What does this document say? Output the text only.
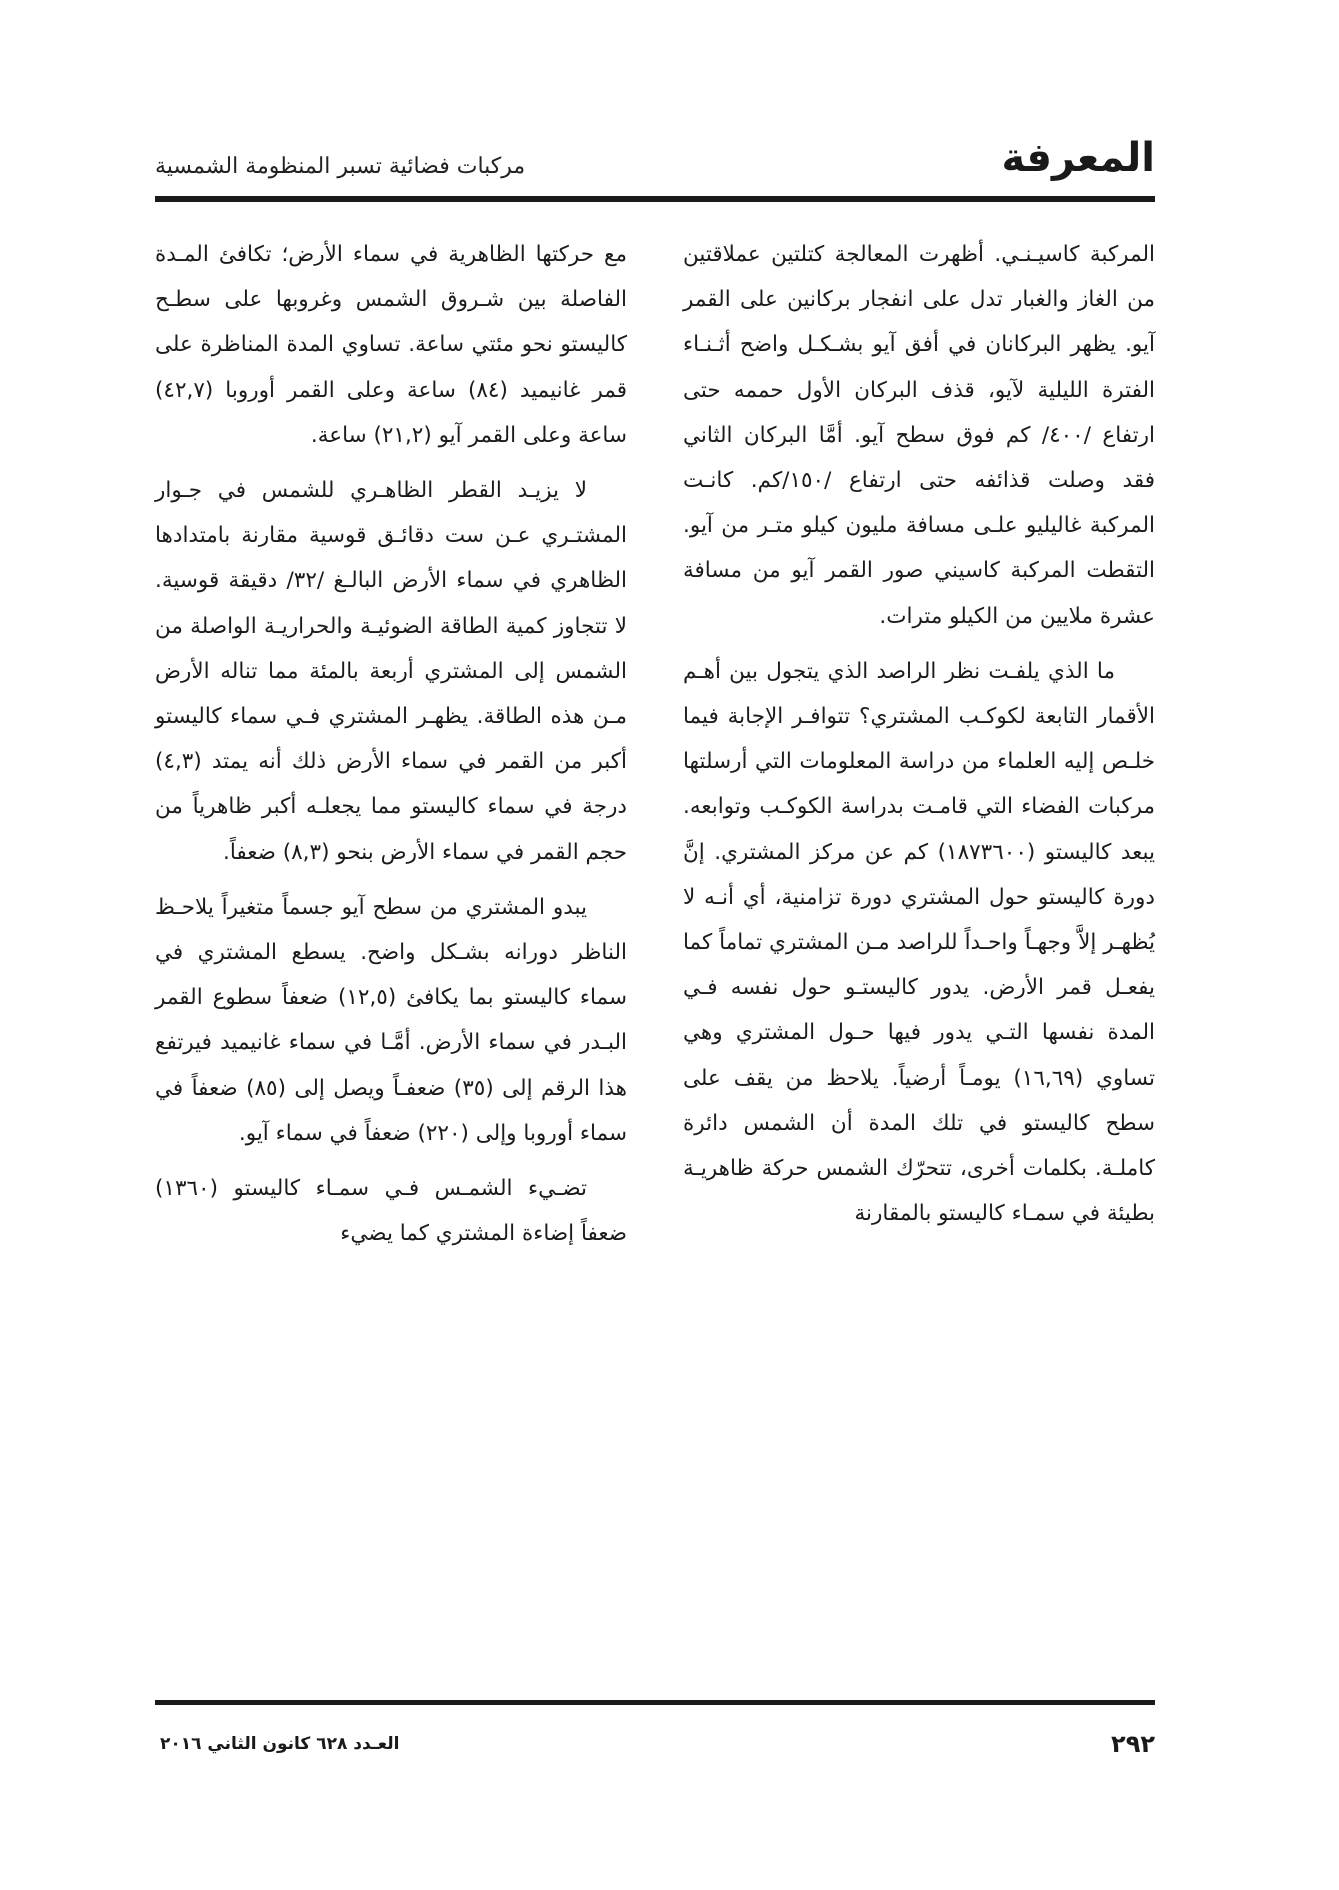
المعرفة
مركبات فضائية تسبر المنظومة الشمسية

المركبة كاسيـنـي. أظهرت المعالجة كتلتين عملاقتين من الغاز والغبار تدل على انفجار بركانين على القمر آيو. يظهر البركانان في أفق آيو بشـكـل واضح أثـنـاء الفترة الليلية لآيو، قذف البركان الأول حممه حتى ارتفاع /٤٠٠/ كم فوق سطح آيو. أمَّا البركان الثاني فقد وصلت قذائفه حتى ارتفاع /١٥٠/كم. كانـت المركبة غاليليو علـى مسافة مليون كيلو متـر من آيو. التقطت المركبة كاسيني صور القمر آيو من مسافة عشرة ملايين من الكيلو مترات.

ما الذي يلفـت نظر الراصد الذي يتجول بين أهـم الأقمار التابعة لكوكـب المشتري؟ تتوافـر الإجابة فيما خلـص إليه العلماء من دراسة المعلومات التي أرسلتها مركبات الفضاء التي قامـت بدراسة الكوكـب وتوابعه. يبعد كاليستو (١٨٧٣٦٠٠) كم عن مركز المشتري. إنَّ دورة كاليستو حول المشتري دورة تزامنية، أي أنـه لا يُظهـر إلاَّ وجهـاً واحـداً للراصد مـن المشتري تماماً كما يفعـل قمر الأرض. يدور كاليستـو حول نفسه فـي المدة نفسها التـي يدور فيها حـول المشتري وهي تساوي (١٦,٦٩) يومـاً أرضياً. يلاحظ من يقف على سطح كاليستو في تلك المدة أن الشمس دائرة كاملـة. بكلمات أخرى، تتحرّك الشمس حركة ظاهريـة بطيئة في سمـاء كاليستو بالمقارنة

مع حركتها الظاهرية في سماء الأرض؛ تكافئ المـدة الفاصلة بين شـروق الشمس وغروبها على سطـح كاليستو نحو مئتي ساعة. تساوي المدة المناظرة على قمر غانيميد (٨٤) ساعة وعلى القمر أوروبا (٤٢,٧) ساعة وعلى القمر آيو (٢١,٢) ساعة.

لا يزيـد القطر الظاهـري للشمس في جـوار المشتـري عـن ست دقائـق قوسية مقارنة بامتدادها الظاهري في سماء الأرض البالـغ /٣٢/ دقيقة قوسية. لا تتجاوز كمية الطاقة الضوئيـة والحراريـة الواصلة من الشمس إلى المشتري أربعة بالمئة مما تناله الأرض مـن هذه الطاقة. يظهـر المشتري فـي سماء كاليستو أكبر من القمر في سماء الأرض ذلك أنه يمتد (٤,٣) درجة في سماء كاليستو مما يجعلـه أكبر ظاهرياً من حجم القمر في سماء الأرض بنحو (٨,٣) ضعفاً.

يبدو المشتري من سطح آيو جسماً متغيراً يلاحـظ الناظر دورانه بشـكل واضح. يسطع المشتري في سماء كاليستو بما يكافئ (١٢,٥) ضعفاً سطوع القمر البـدر في سماء الأرض. أمَّـا في سماء غانيميد فيرتفع هذا الرقم إلى (٣٥) ضعفـاً ويصل إلى (٨٥) ضعفاً في سماء أوروبا وإلى (٢٢٠) ضعفاً في سماء آيو.

تضـيء الشمـس فـي سمـاء كاليستو (١٣٦٠) ضعفاً إضاءة المشتري كما يضيء

٢٩٢
العـدد ٦٢٨ كانون الثاني ٢٠١٦
